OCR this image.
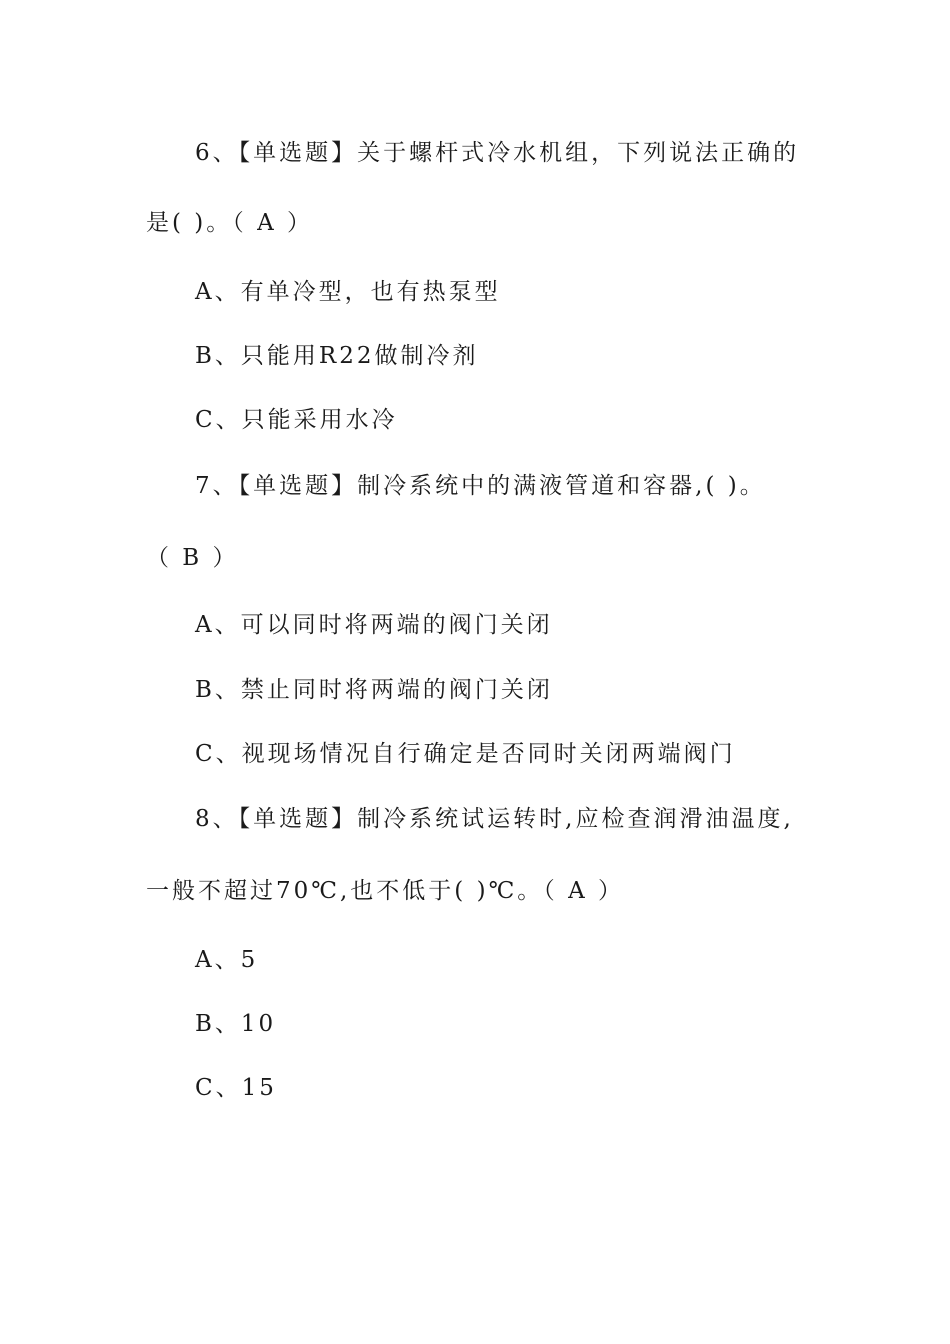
6、【单选题】关于螺杆式冷水机组，下列说法正确的
是( )。（ A ）
A、有单冷型，也有热泵型
B、只能用R22做制冷剂
C、只能采用水冷
7、【单选题】制冷系统中的满液管道和容器,( )。
（ B ）
A、可以同时将两端的阀门关闭
B、禁止同时将两端的阀门关闭
C、视现场情况自行确定是否同时关闭两端阀门
8、【单选题】制冷系统试运转时,应检查润滑油温度,
一般不超过70℃,也不低于( )℃。（ A ）
A、5
B、10
C、15
